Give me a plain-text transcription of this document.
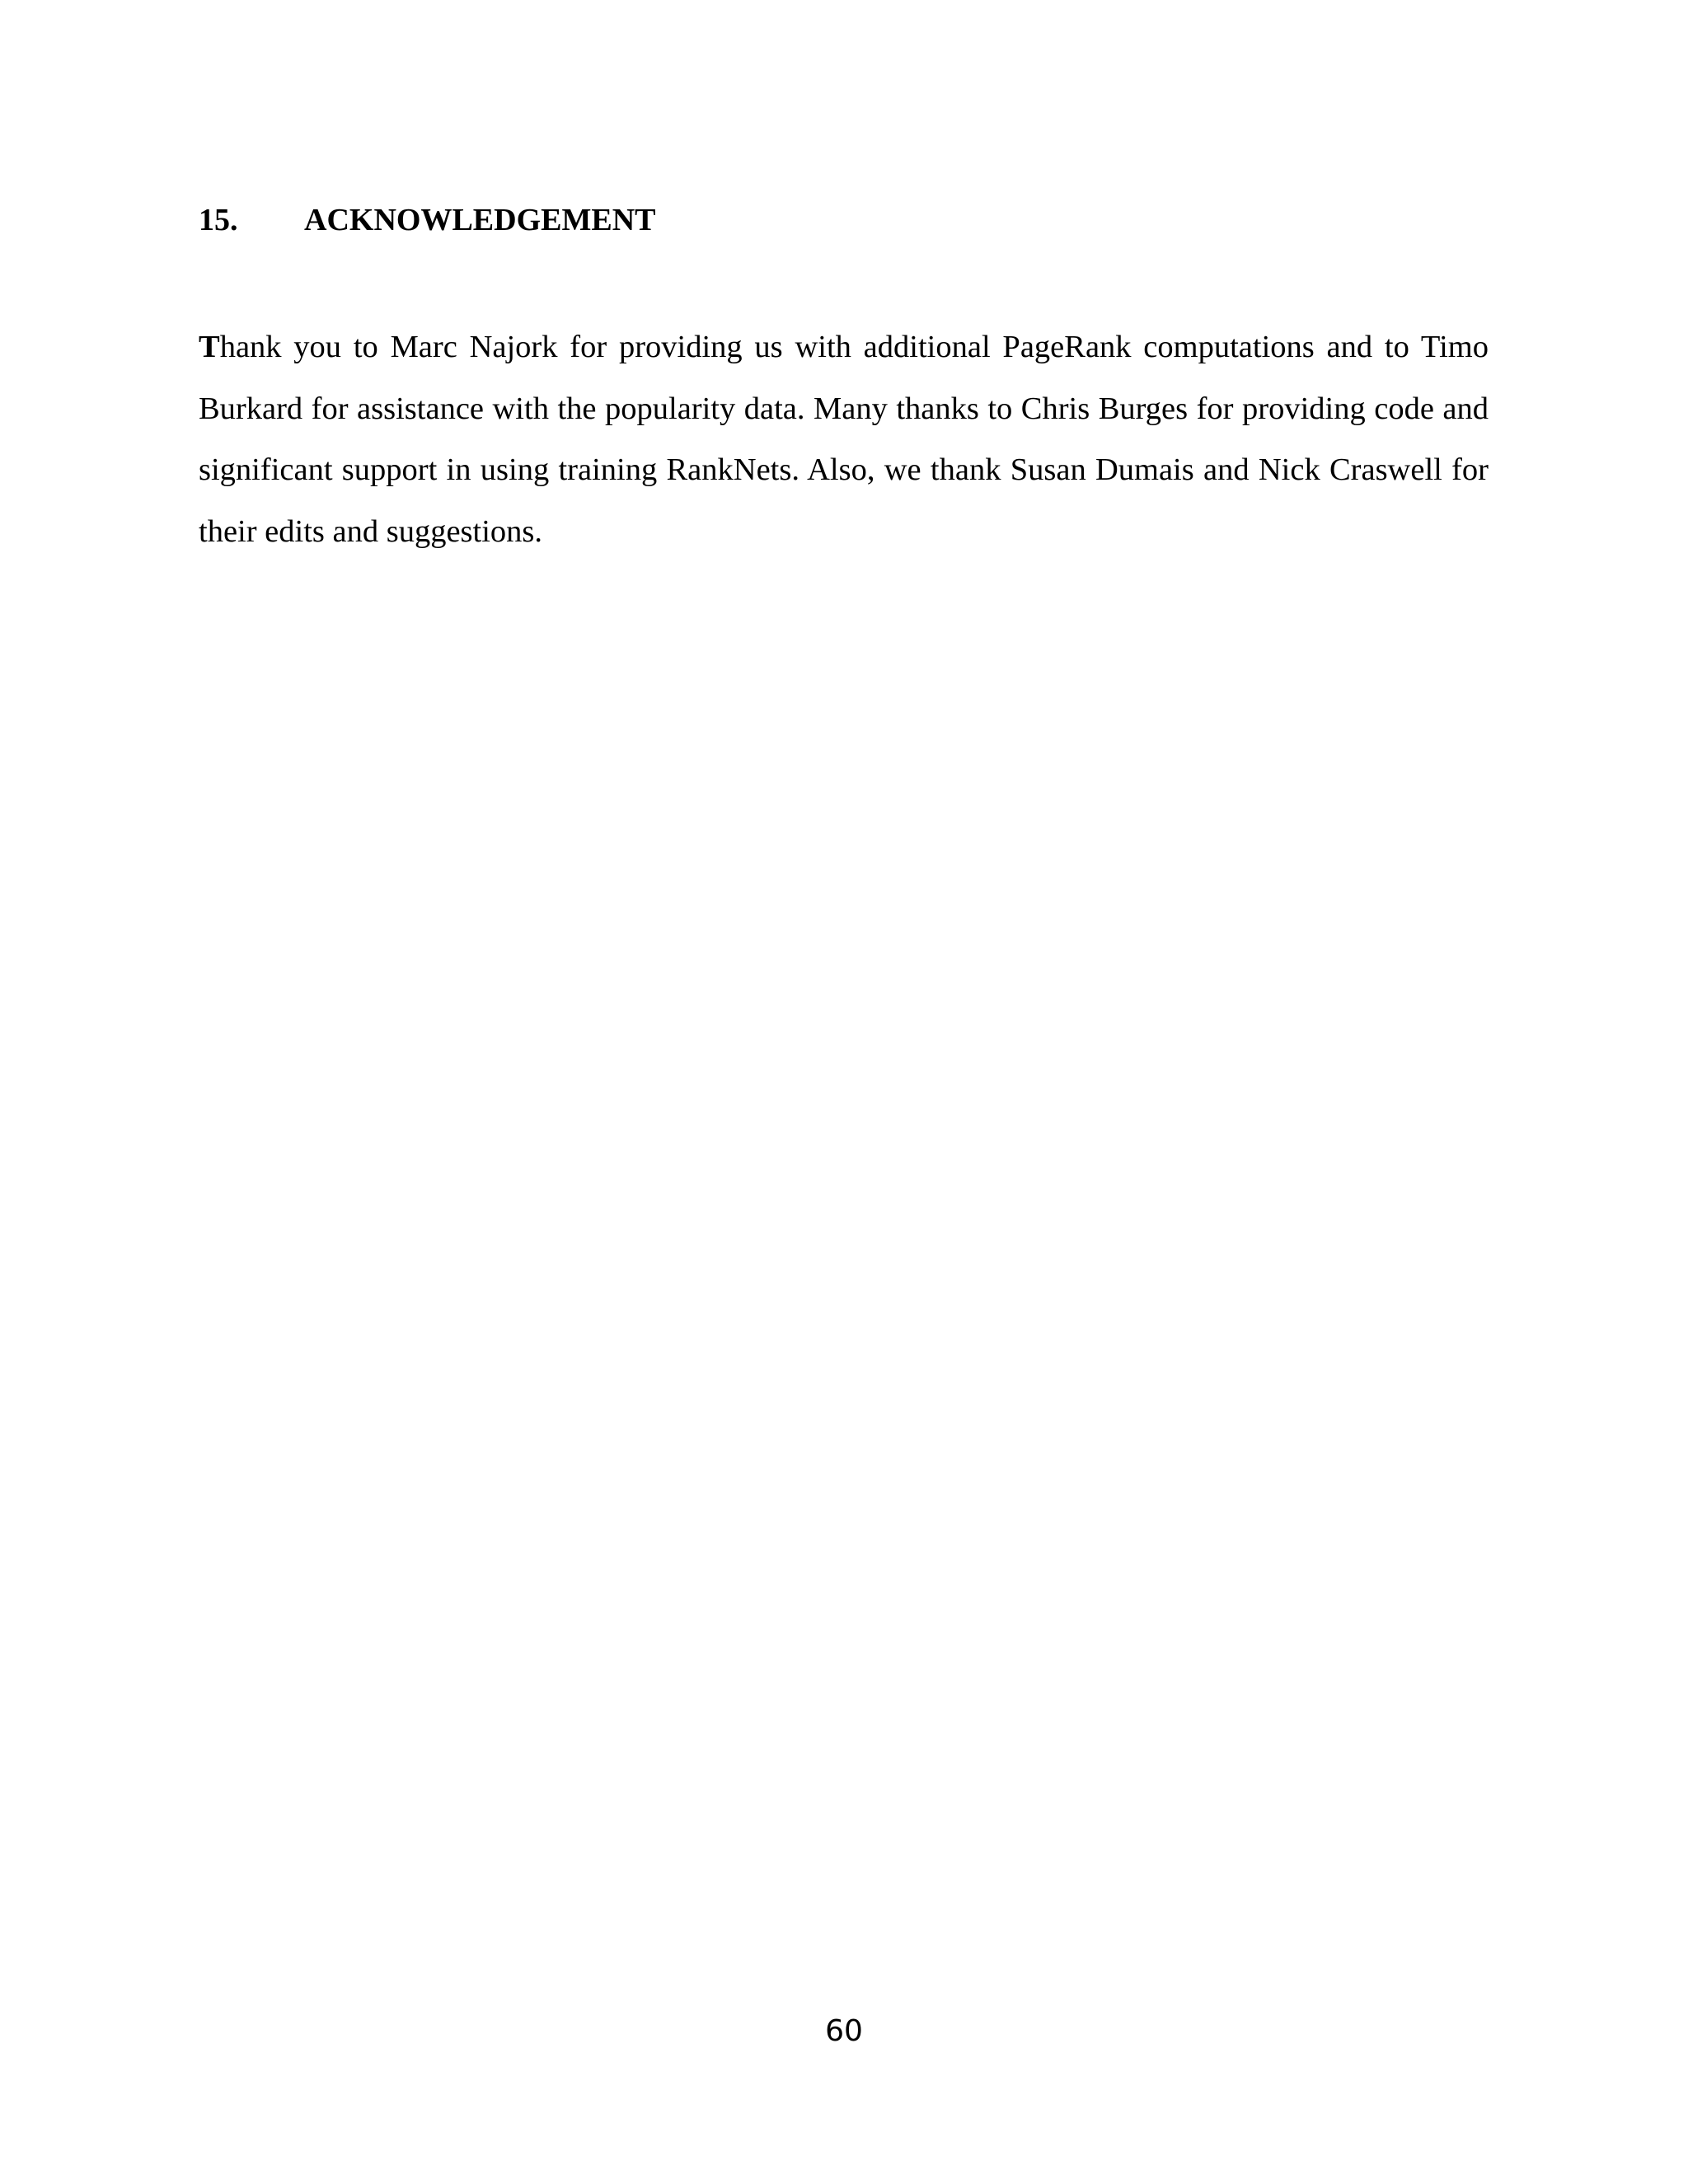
15. ACKNOWLEDGEMENT

Thank you to Marc Najork for providing us with additional PageRank computations and to Timo Burkard for assistance with the popularity data. Many thanks to Chris Burges for providing code and significant support in using training RankNets. Also, we thank Susan Dumais and Nick Craswell for their edits and suggestions.

60
